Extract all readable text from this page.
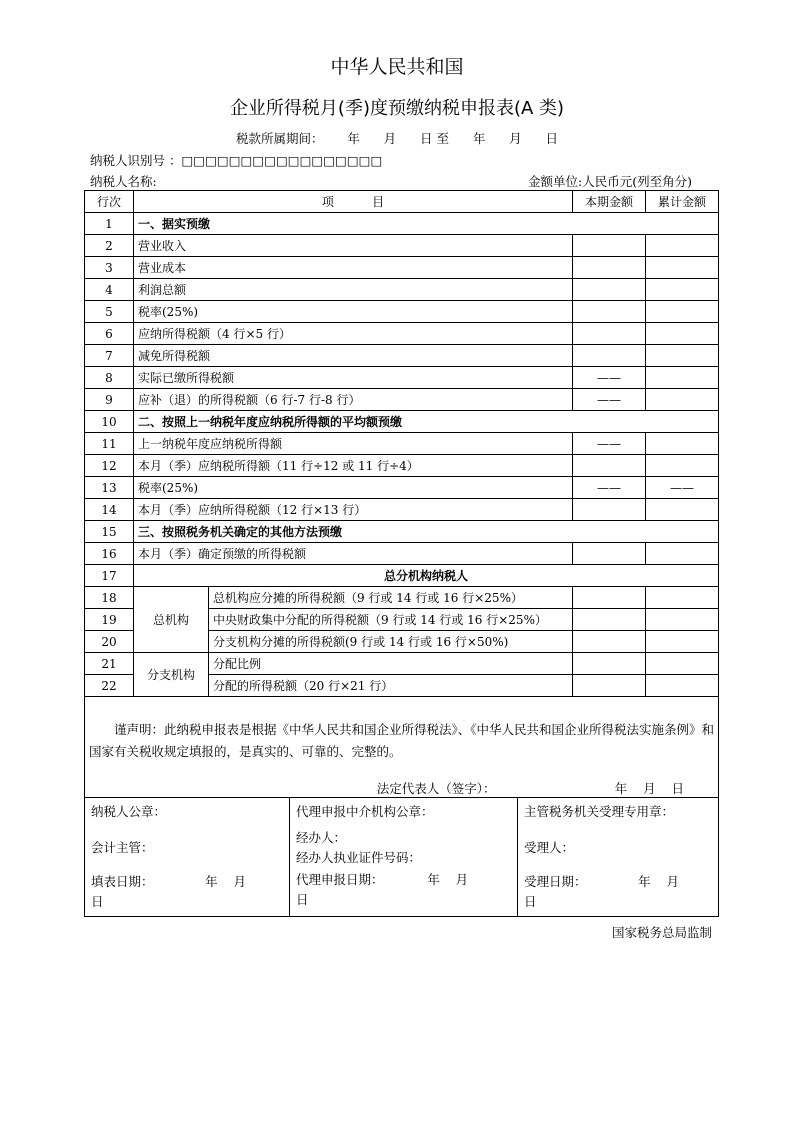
中华人民共和国
企业所得税月(季)度预缴纳税申报表(A 类)
税款所属期间：      年      月      日 至      年      月      日
纳税人识别号 ：□□□□□□□□□□□□□□□□□
纳税人名称:	金额单位:人民币元(列至角分)
行次	项          目		本期金额	累计金额
1	一、据实预缴			
2	营业收入			
3	营业成本			
4	利润总额			
5	税率(25%)			
6	应纳所得税额（4 行×5 行）			
7	减免所得税额			
8	实际已缴所得税额		——	
9	应补（退）的所得税额（6 行-7 行-8 行）		——	
10	二、按照上一纳税年度应纳税所得额的平均额预缴			
11	上一纳税年度应纳税所得额		——	
12	本月（季）应纳税所得额（11 行÷12 或 11 行÷4）			
13	税率(25%)		——	——
14	本月（季）应纳所得税额（12 行×13 行）			
15	三、按照税务机关确定的其他方法预缴			
16	本月（季）确定预缴的所得税额			
17	总分机构纳税人			
18	总机构	总机构应分摊的所得税额（9 行或 14 行或 16 行×25%）		
19		中央财政集中分配的所得税额（9 行或 14 行或 16 行×25%）		
20		分支机构分摊的所得税额(9 行或 14 行或 16 行×50%)		
21	分支机构	分配比例		
22		分配的所得税额（20 行×21 行）		

谨声明：此纳税申报表是根据《中华人民共和国企业所得税法》、《中华人民共和国企业所得税法实施条例》和国家有关税收规定填报的，是真实的、可靠的、完整的。
法定代表人（签字）：                              年    月    日				
纳税人公章：
会计主管：
填表日期：             年    月
日

代理申报中介机构公章：
经办人：
经办人执业证件号码：
代理申报日期：           年    月
日

主管税务机关受理专用章：
受理人：
受理日期：             年    月
日
国家税务总局监制
